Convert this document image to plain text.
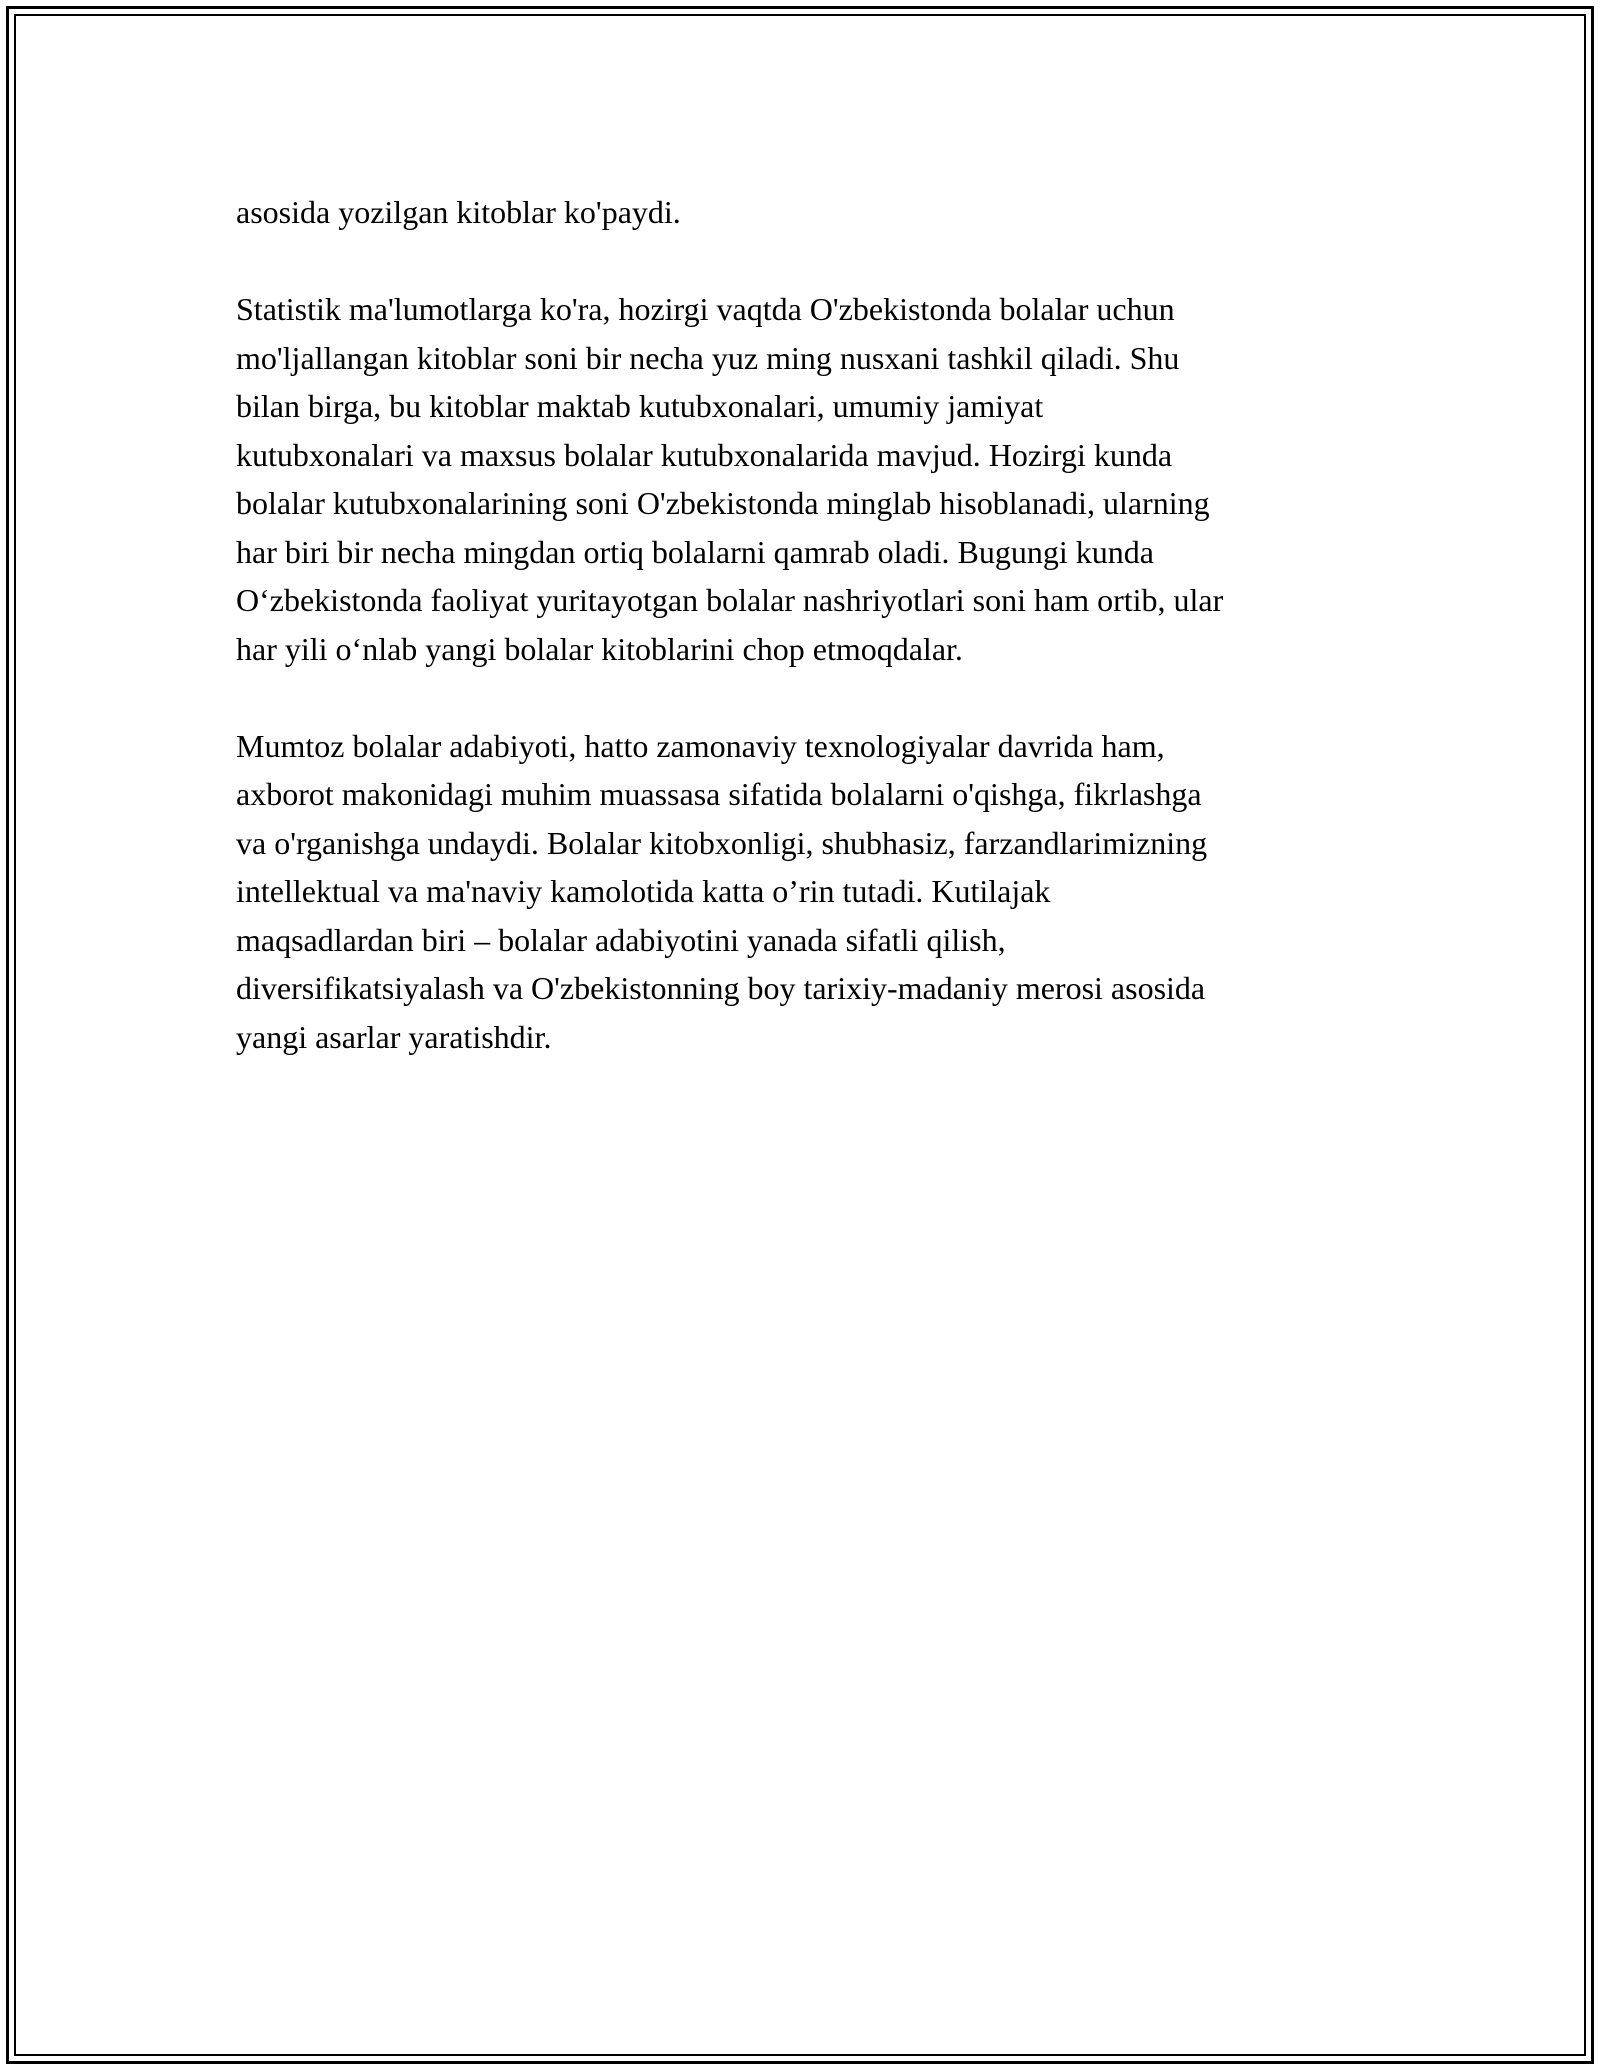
asosida yozilgan kitoblar ko'paydi.

Statistik ma'lumotlarga ko'ra, hozirgi vaqtda O'zbekistonda bolalar uchun
mo'ljallangan kitoblar soni bir necha yuz ming nusxani tashkil qiladi. Shu
bilan birga, bu kitoblar maktab kutubxonalari, umumiy jamiyat
kutubxonalari va maxsus bolalar kutubxonalarida mavjud. Hozirgi kunda
bolalar kutubxonalarining soni O'zbekistonda minglab hisoblanadi, ularning
har biri bir necha mingdan ortiq bolalarni qamrab oladi. Bugungi kunda
O‘zbekistonda faoliyat yuritayotgan bolalar nashriyotlari soni ham ortib, ular
har yili o‘nlab yangi bolalar kitoblarini chop etmoqdalar.

Mumtoz bolalar adabiyoti, hatto zamonaviy texnologiyalar davrida ham,
axborot makonidagi muhim muassasa sifatida bolalarni o'qishga, fikrlashga
va o'rganishga undaydi. Bolalar kitobxonligi, shubhasiz, farzandlarimizning
intellektual va ma'naviy kamolotida katta o’rin tutadi. Kutilajak
maqsadlardan biri – bolalar adabiyotini yanada sifatli qilish,
diversifikatsiyalash va O'zbekistonning boy tarixiy-madaniy merosi asosida
yangi asarlar yaratishdir.
